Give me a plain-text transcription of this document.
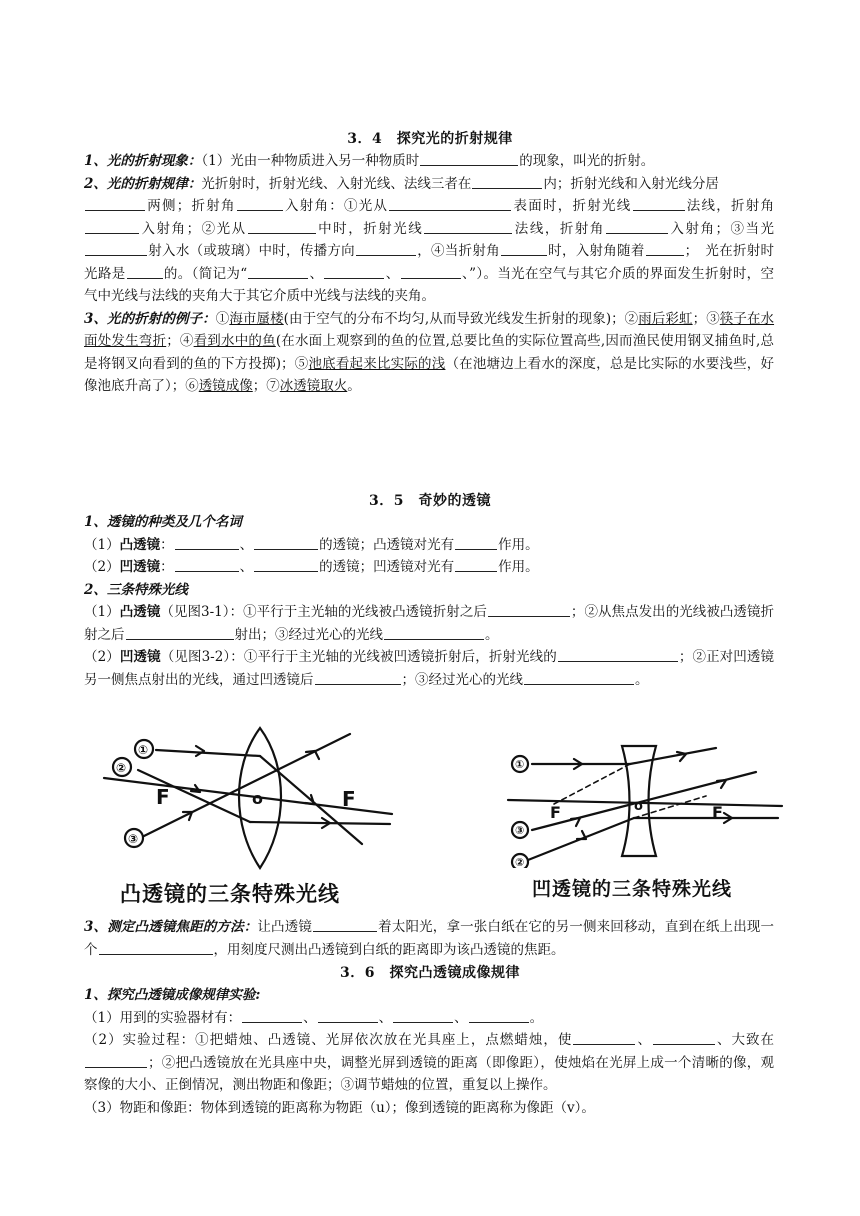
3．4　探究光的折射规律
1、光的折射现象：（1）光由一种物质进入另一种物质时	的现象，叫光的折射。
2、光的折射规律：光折射时，折射光线、入射光线、法线三者在	内；折射光线和入射光线分居
两侧；折射角	入射角：①光从	表面时，折射光线	法线，折射角入射角；②光从	中时，折射光线	法线，折射角	入射角；③当光射入水（或玻璃）中时，传播方向	，④当折射角	时，入射角随着	；　光在折射时光路是	的。（简记为“	、	、	、”）。当光在空气与其它介质的界面发生折射时，空气中光线与法线的夹角大于其它介质中光线与法线的夹角。
3、光的折射的例子：①海市蜃楼(由于空气的分布不均匀,从而导致光线发生折射的现象)；②雨后彩虹；③筷子在水面处发生弯折；④看到水中的鱼(在水面上观察到的鱼的位置,总要比鱼的实际位置高些,因而渔民使用钢叉捕鱼时,总是将钢叉向看到的鱼的下方投掷)；⑤池底看起来比实际的浅（在池塘边上看水的深度，总是比实际的水要浅些，好像池底升高了）；⑥透镜成像；⑦冰透镜取火。
3．5　奇妙的透镜
1、透镜的种类及几个名词
（1）凸透镜：	、	的透镜；凸透镜对光有	作用。
（2）凹透镜：	、	的透镜；凹透镜对光有	作用。
2、三条特殊光线
（1）凸透镜（见图3-1）：①平行于主光轴的光线被凸透镜折射之后	；②从焦点发出的光线被凸透镜折射之后	射出；③经过光心的光线	。
（2）凹透镜（见图3-2）：①平行于主光轴的光线被凹透镜折射后，折射光线的	；②正对凹透镜另一侧焦点射出的光线，通过凹透镜后	；③经过光心的光线	。
①
②
③
F	o	F
凸透镜的三条特殊光线
①
③
②
F	o	F
凹透镜的三条特殊光线
3、测定凸透镜焦距的方法：让凸透镜	着太阳光，拿一张白纸在它的另一侧来回移动，直到在纸上出现一个	，用刻度尺测出凸透镜到白纸的距离即为该凸透镜的焦距。
3．6　探究凸透镜成像规律
1、探究凸透镜成像规律实验:
（1）用到的实验器材有：	、	、	、	。
（2）实验过程：①把蜡烛、凸透镜、光屏依次放在光具座上，点燃蜡烛，使	、	、大致在；②把凸透镜放在光具座中央，调整光屏到透镜的距离（即像距），使烛焰在光屏上成一个清晰的像，观察像的大小、正倒情况，测出物距和像距；③调节蜡烛的位置，重复以上操作。
（3）物距和像距：物体到透镜的距离称为物距（u）；像到透镜的距离称为像距（v）。
